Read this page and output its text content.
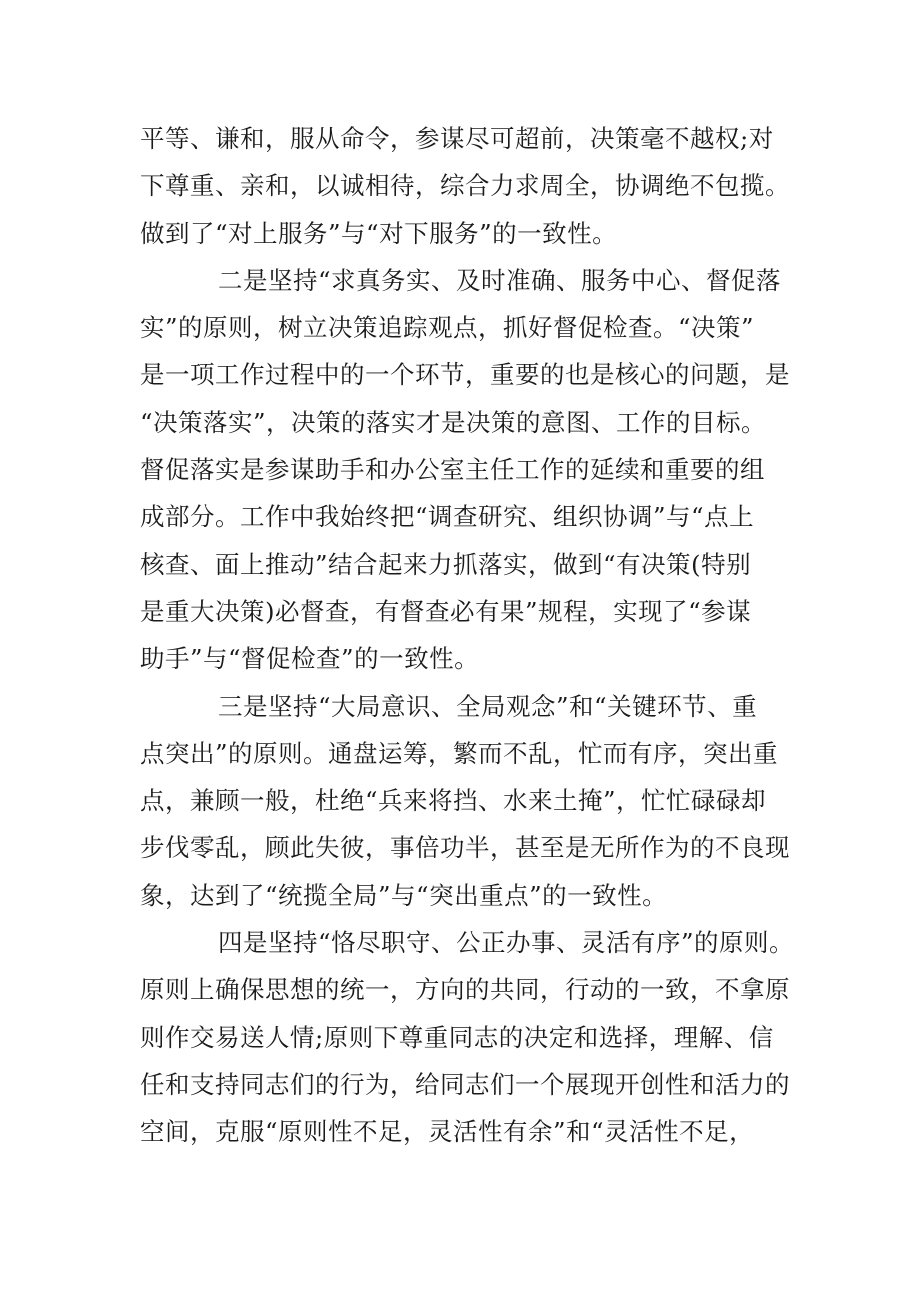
平等、谦和，服从命令，参谋尽可超前，决策毫不越权;对
下尊重、亲和，以诚相待，综合力求周全，协调绝不包揽。
做到了“对上服务”与“对下服务”的一致性。
二是坚持“求真务实、及时准确、服务中心、督促落
实”的原则，树立决策追踪观点，抓好督促检查。“决策”
是一项工作过程中的一个环节，重要的也是核心的问题，是
“决策落实”，决策的落实才是决策的意图、工作的目标。
督促落实是参谋助手和办公室主任工作的延续和重要的组
成部分。工作中我始终把“调查研究、组织协调”与“点上
核查、面上推动”结合起来力抓落实，做到“有决策(特别
是重大决策)必督查，有督查必有果”规程，实现了“参谋
助手”与“督促检查”的一致性。
三是坚持“大局意识、全局观念”和“关键环节、重
点突出”的原则。通盘运筹，繁而不乱，忙而有序，突出重
点，兼顾一般，杜绝“兵来将挡、水来土掩”，忙忙碌碌却
步伐零乱，顾此失彼，事倍功半，甚至是无所作为的不良现
象，达到了“统揽全局”与“突出重点”的一致性。
四是坚持“恪尽职守、公正办事、灵活有序”的原则。
原则上确保思想的统一，方向的共同，行动的一致，不拿原
则作交易送人情;原则下尊重同志的决定和选择，理解、信
任和支持同志们的行为，给同志们一个展现开创性和活力的
空间，克服“原则性不足，灵活性有余”和“灵活性不足，
